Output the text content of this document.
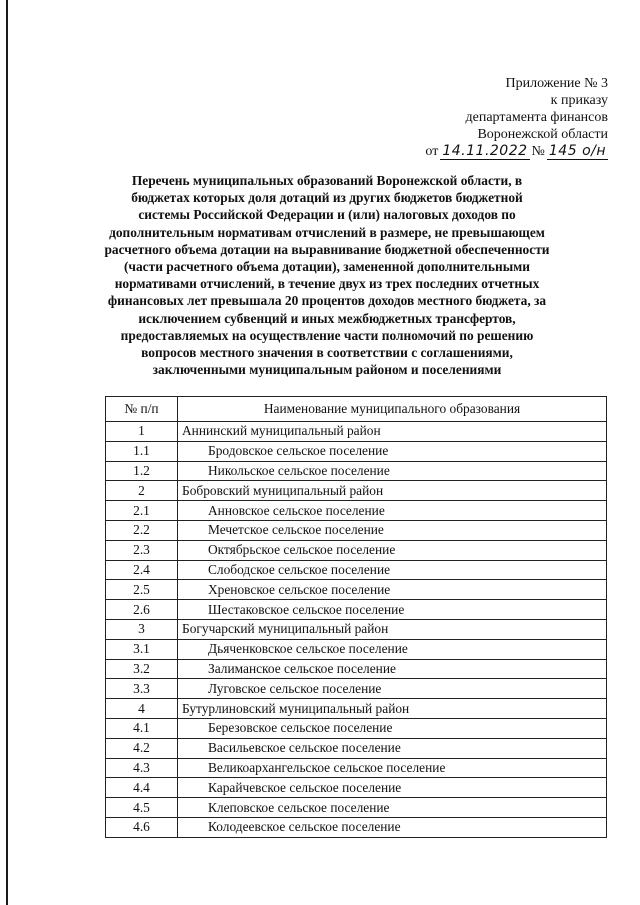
Приложение № 3
к приказу
департамента финансов
Воронежской области
от 14.11.2022 № 145 о/н
Перечень муниципальных образований Воронежской области, в
бюджетах которых доля дотаций из других бюджетов бюджетной
системы Российской Федерации и (или) налоговых доходов по
дополнительным нормативам отчислений в размере, не превышающем
расчетного объема дотации на выравнивание бюджетной обеспеченности
(части расчетного объема дотации), замененной дополнительными
нормативами отчислений, в течение двух из трех последних отчетных
финансовых лет превышала 20 процентов доходов местного бюджета, за
исключением субвенций и иных межбюджетных трансфертов,
предоставляемых на осуществление части полномочий по решению
вопросов местного значения в соответствии с соглашениями,
заключенными муниципальным районом и поселениями
№ п/п	Наименование муниципального образования
1	Аннинский муниципальный район
1.1	Бродовское сельское поселение
1.2	Никольское сельское поселение
2	Бобровский муниципальный район
2.1	Анновское сельское поселение
2.2	Мечетское сельское поселение
2.3	Октябрьское сельское поселение
2.4	Слободское сельское поселение
2.5	Хреновское сельское поселение
2.6	Шестаковское сельское поселение
3	Богучарский муниципальный район
3.1	Дьяченковское сельское поселение
3.2	Залиманское сельское поселение
3.3	Луговское сельское поселение
4	Бутурлиновский муниципальный район
4.1	Березовское сельское поселение
4.2	Васильевское сельское поселение
4.3	Великоархангельское сельское поселение
4.4	Карайчевское сельское поселение
4.5	Клеповское сельское поселение
4.6	Колодеевское сельское поселение
